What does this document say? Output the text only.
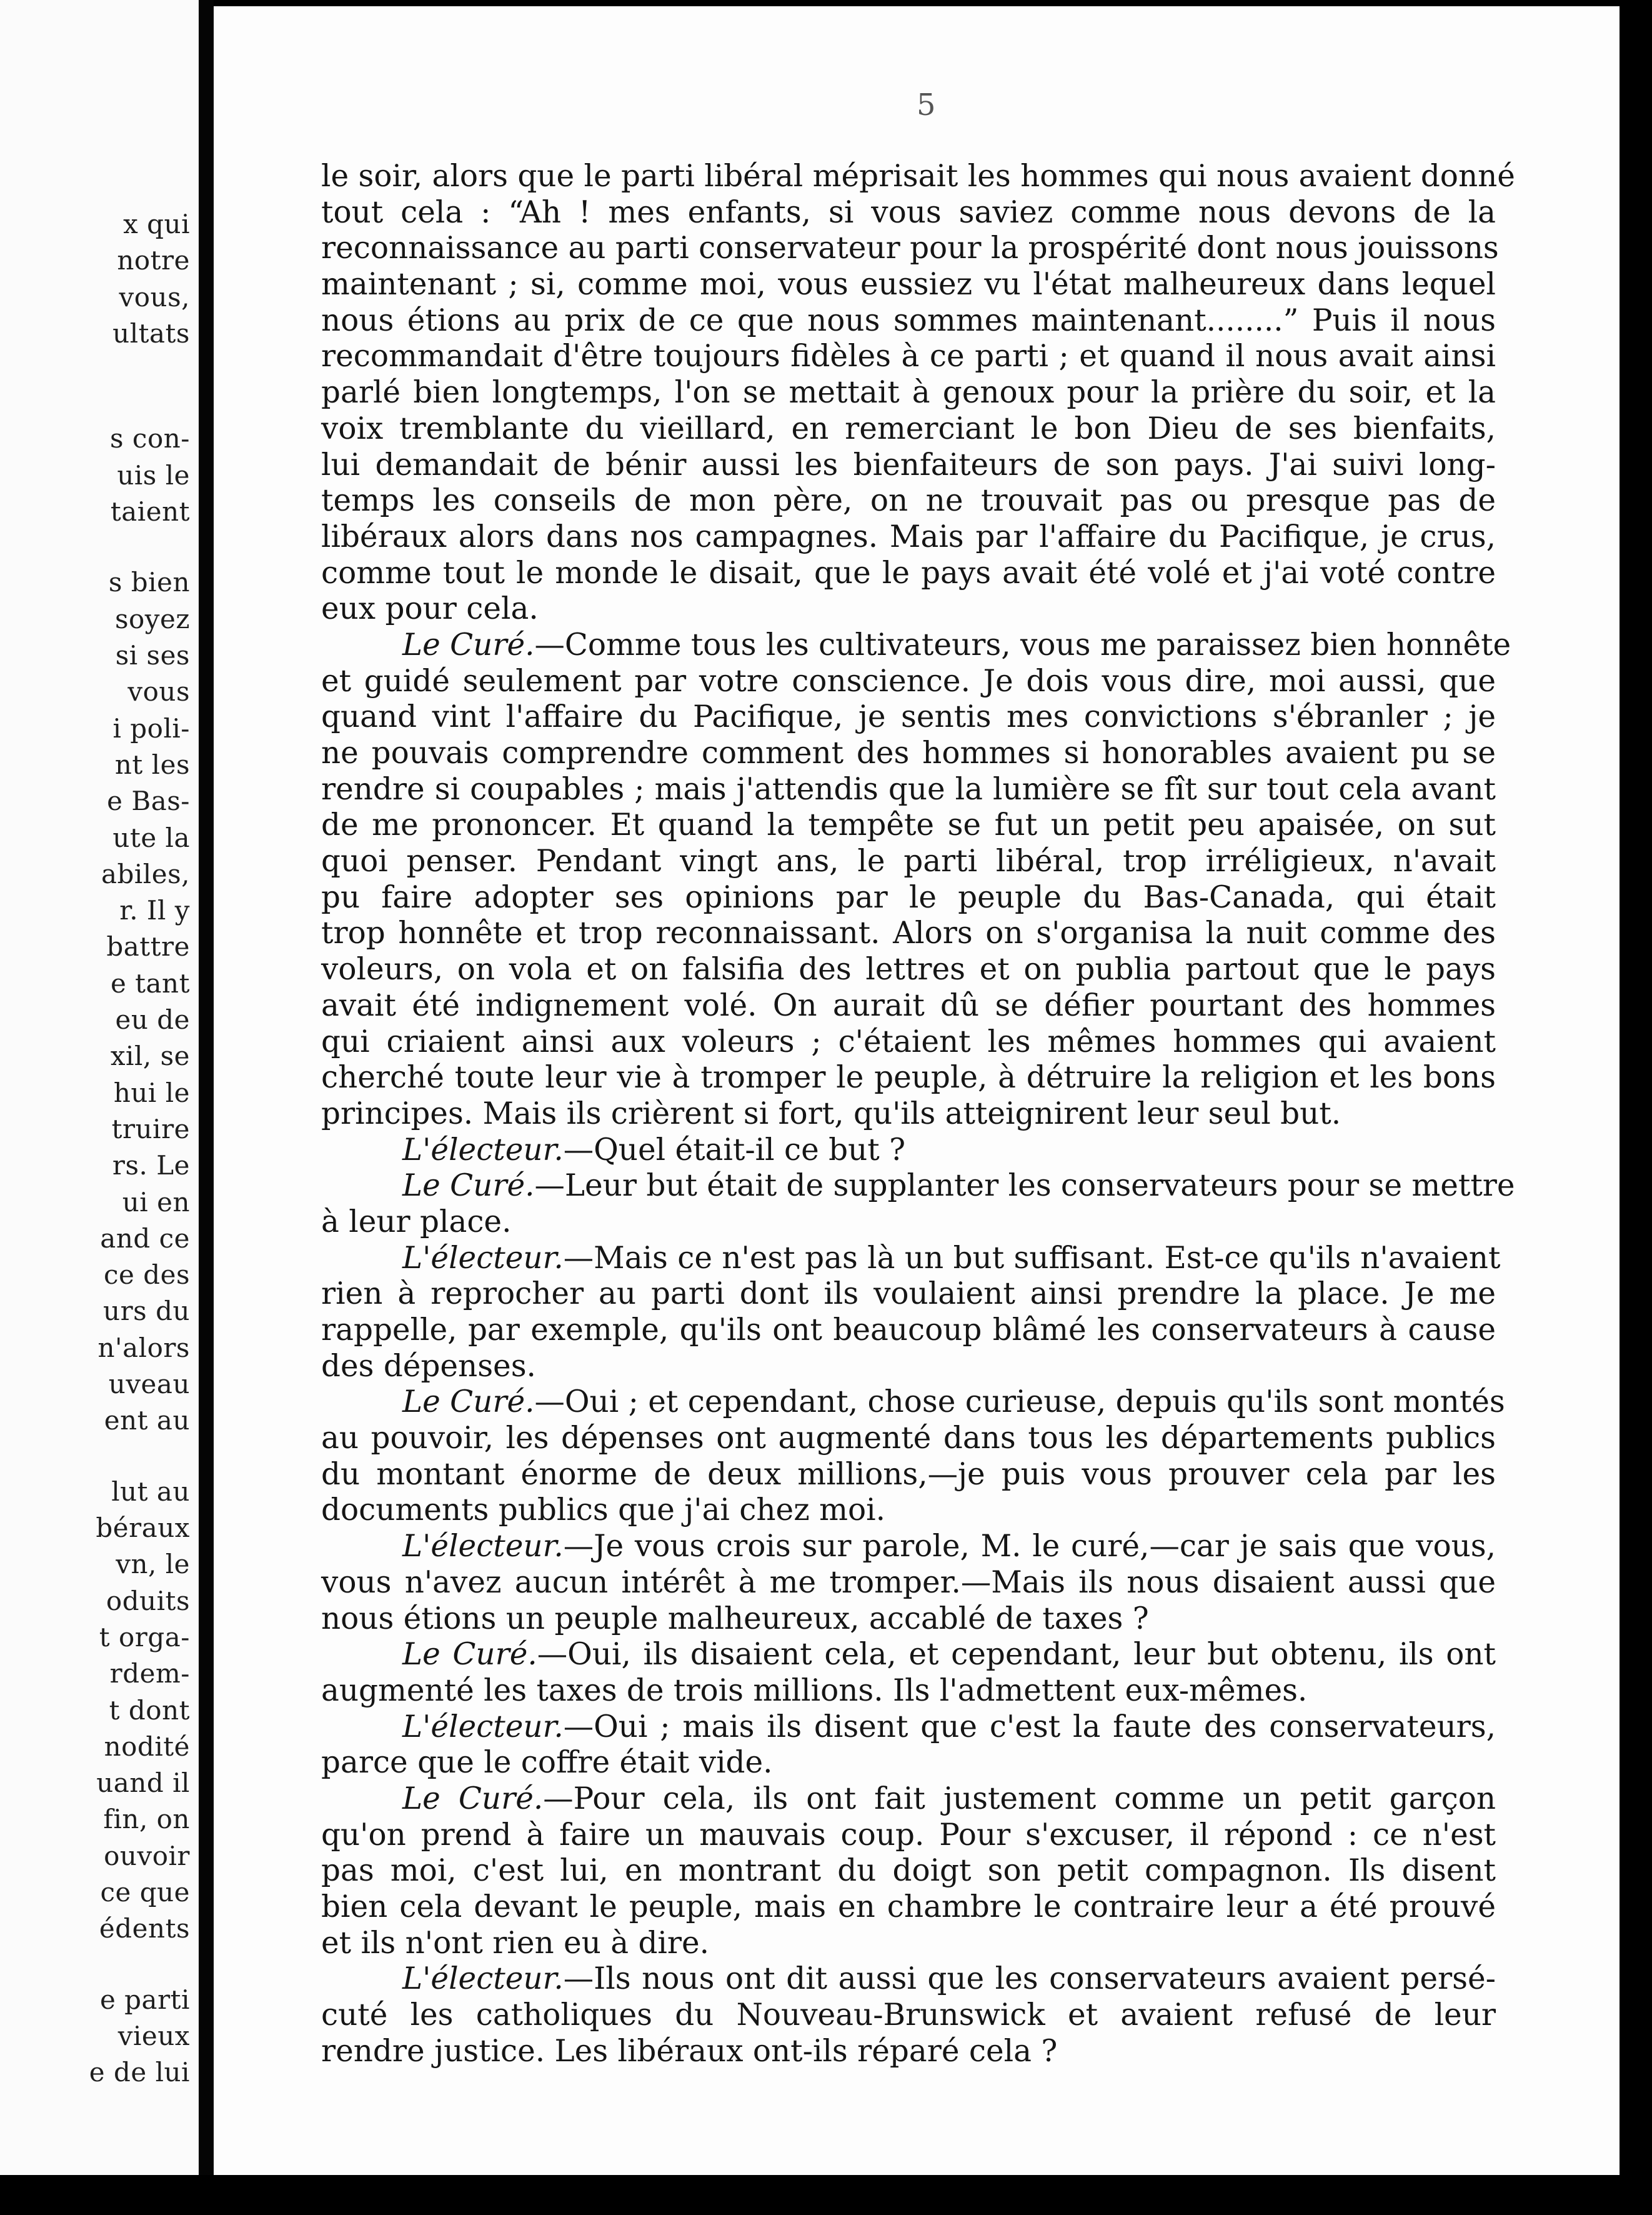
x qui
notre
vous,
ultats
s con-
uis le
taient
s bien
soyez
si ses
vous
i poli-
nt les
e Bas-
ute la
abiles,
r. Il y
battre
e tant
eu de
xil, se
hui le
truire
rs. Le
ui en
and ce
ce des
urs du
n'alors
uveau
ent au
lut au
béraux
vn, le
oduits
t orga-
rdem-
t dont
nodité
uand il
fin, on
ouvoir
ce que
édents
e parti
vieux
e de lui
5
le soir, alors que le parti libéral méprisait les hommes qui nous avaient donné
tout cela : “Ah ! mes enfants, si vous saviez comme nous devons de la
reconnaissance au parti conservateur pour la prospérité dont nous jouissons
maintenant ; si, comme moi, vous eussiez vu l'état malheureux dans lequel
nous étions au prix de ce que nous sommes maintenant........” Puis il nous
recommandait d'être toujours fidèles à ce parti ; et quand il nous avait ainsi
parlé bien longtemps, l'on se mettait à genoux pour la prière du soir, et la
voix tremblante du vieillard, en remerciant le bon Dieu de ses bienfaits,
lui demandait de bénir aussi les bienfaiteurs de son pays. J'ai suivi long-
temps les conseils de mon père, on ne trouvait pas ou presque pas de
libéraux alors dans nos campagnes. Mais par l'affaire du Pacifique, je crus,
comme tout le monde le disait, que le pays avait été volé et j'ai voté contre
eux pour cela.
Le Curé.—Comme tous les cultivateurs, vous me paraissez bien honnête
et guidé seulement par votre conscience. Je dois vous dire, moi aussi, que
quand vint l'affaire du Pacifique, je sentis mes convictions s'ébranler ; je
ne pouvais comprendre comment des hommes si honorables avaient pu se
rendre si coupables ; mais j'attendis que la lumière se fît sur tout cela avant
de me prononcer. Et quand la tempête se fut un petit peu apaisée, on sut
quoi penser. Pendant vingt ans, le parti libéral, trop irréligieux, n'avait
pu faire adopter ses opinions par le peuple du Bas-Canada, qui était
trop honnête et trop reconnaissant. Alors on s'organisa la nuit comme des
voleurs, on vola et on falsifia des lettres et on publia partout que le pays
avait été indignement volé. On aurait dû se défier pourtant des hommes
qui criaient ainsi aux voleurs ; c'étaient les mêmes hommes qui avaient
cherché toute leur vie à tromper le peuple, à détruire la religion et les bons
principes. Mais ils crièrent si fort, qu'ils atteignirent leur seul but.
L'électeur.—Quel était-il ce but ?
Le Curé.—Leur but était de supplanter les conservateurs pour se mettre
à leur place.
L'électeur.—Mais ce n'est pas là un but suffisant. Est-ce qu'ils n'avaient
rien à reprocher au parti dont ils voulaient ainsi prendre la place. Je me
rappelle, par exemple, qu'ils ont beaucoup blâmé les conservateurs à cause
des dépenses.
Le Curé.—Oui ; et cependant, chose curieuse, depuis qu'ils sont montés
au pouvoir, les dépenses ont augmenté dans tous les départements publics
du montant énorme de deux millions,—je puis vous prouver cela par les
documents publics que j'ai chez moi.
L'électeur.—Je vous crois sur parole, M. le curé,—car je sais que vous,
vous n'avez aucun intérêt à me tromper.—Mais ils nous disaient aussi que
nous étions un peuple malheureux, accablé de taxes ?
Le Curé.—Oui, ils disaient cela, et cependant, leur but obtenu, ils ont
augmenté les taxes de trois millions. Ils l'admettent eux-mêmes.
L'électeur.—Oui ; mais ils disent que c'est la faute des conservateurs,
parce que le coffre était vide.
Le Curé.—Pour cela, ils ont fait justement comme un petit garçon
qu'on prend à faire un mauvais coup. Pour s'excuser, il répond : ce n'est
pas moi, c'est lui, en montrant du doigt son petit compagnon. Ils disent
bien cela devant le peuple, mais en chambre le contraire leur a été prouvé
et ils n'ont rien eu à dire.
L'électeur.—Ils nous ont dit aussi que les conservateurs avaient persé-
cuté les catholiques du Nouveau-Brunswick et avaient refusé de leur
rendre justice. Les libéraux ont-ils réparé cela ?
